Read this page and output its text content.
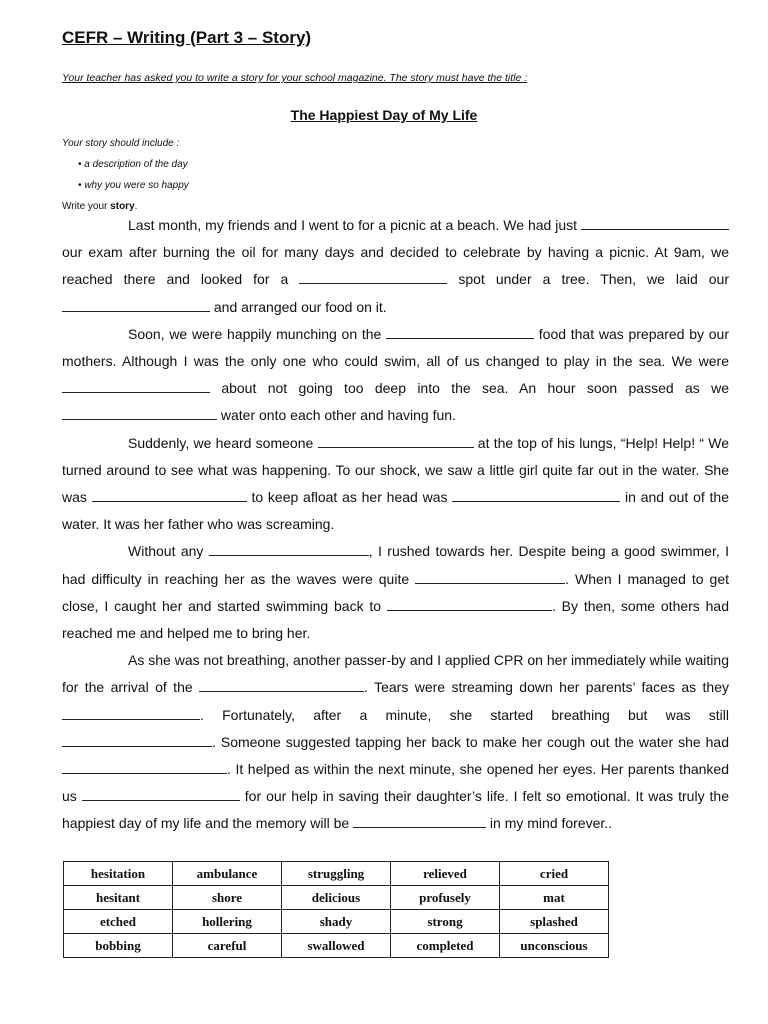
CEFR – Writing (Part 3 – Story)
Your teacher has asked you to write a story for your school magazine. The story must have the title :
The Happiest Day of My Life
Your story should include :
• a description of the day
• why you were so happy
Write your story.

Last month, my friends and I went to for a picnic at a beach. We had just  our exam after burning the oil for many days and decided to celebrate by having a picnic. At 9am, we reached there and looked for a	spot under a tree. Then, we laid our  and arranged our food on it.

Soon, we were happily munching on the	food that was prepared by our mothers. Although I was the only one who could swim, all of us changed to play in the sea. We were  about not going too deep into the sea. An hour soon passed as we  water onto each other and having fun.

Suddenly, we heard someone	at the top of his lungs, “Help! Help! “ We turned around to see what was happening. To our shock, we saw a little girl quite far out in the water. She was	to keep afloat as her head was	in and out of the water. It was her father who was screaming.

Without any	, I rushed towards her. Despite being a good swimmer, I had difficulty in reaching her as the waves were quite	. When I managed to get close, I caught her and started swimming back to	. By then, some others had reached me and helped me to bring her.

As she was not breathing, another passer-by and I applied CPR on her immediately while waiting for the arrival of the	. Tears were streaming down her parents’ faces as they . Fortunately, after a minute, she started breathing but was still . Someone suggested tapping her back to make her cough out the water she had . It helped as within the next minute, she opened her eyes. Her parents thanked us	for our help in saving their daughter’s life. I felt so emotional. It was truly the happiest day of my life and the memory will be	in my mind forever..

hesitation	ambulance	struggling	relieved	cried
hesitant	shore	delicious	profusely	mat
etched	hollering	shady	strong	splashed
bobbing	careful	swallowed	completed	unconscious
